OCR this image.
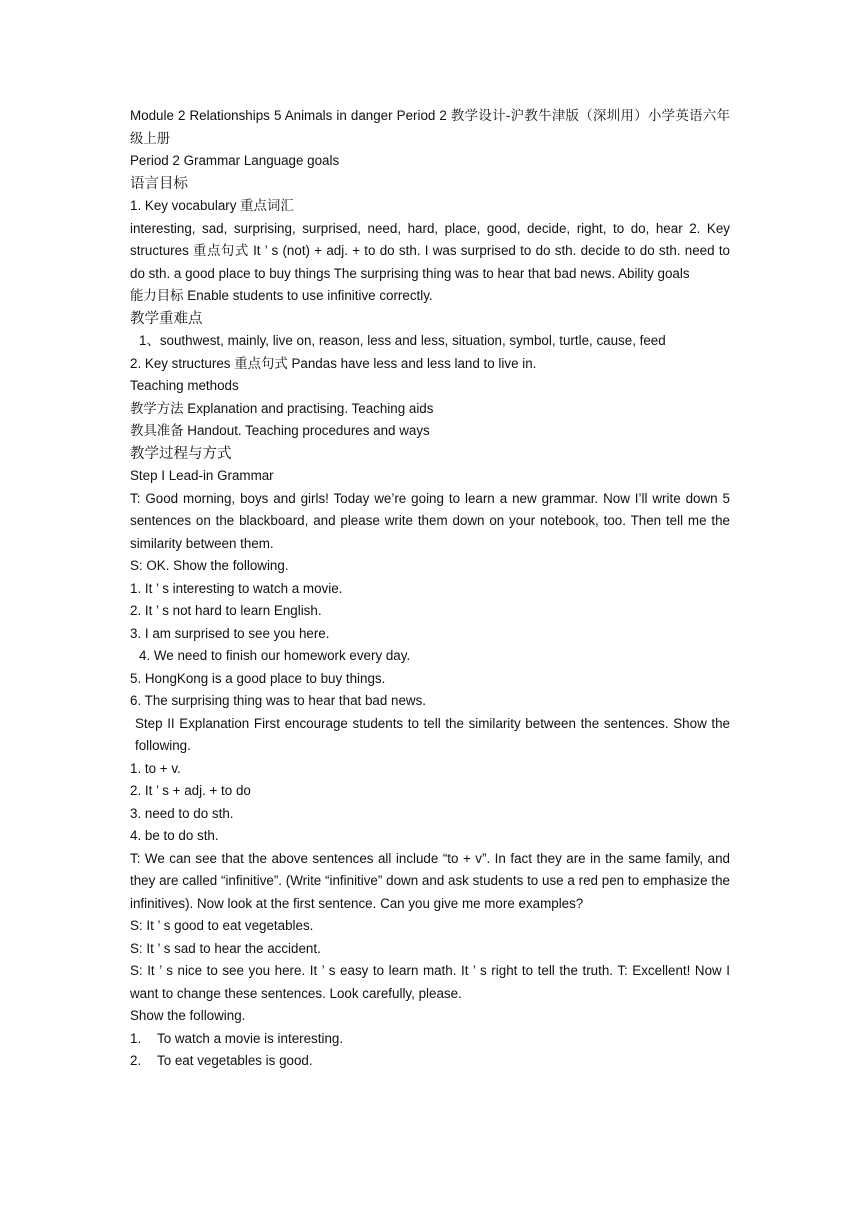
Module 2 Relationships 5 Animals in danger Period 2 教学设计-沪教牛津版（深圳用）小学英语六年级上册
Period 2 Grammar Language goals
语言目标
1. Key vocabulary 重点词汇
interesting, sad, surprising, surprised, need, hard, place, good, decide, right, to do, hear 2. Key structures 重点句式 It ’ s (not) + adj. + to do sth. I was surprised to do sth. decide to do sth. need to do sth. a good place to buy things The surprising thing was to hear that bad news. Ability goals
能力目标 Enable students to use infinitive correctly.
教学重难点
1、southwest, mainly, live on, reason, less and less, situation, symbol, turtle, cause, feed
2. Key structures 重点句式 Pandas have less and less land to live in.
Teaching methods
教学方法 Explanation and practising. Teaching aids
教具准备 Handout. Teaching procedures and ways
教学过程与方式
Step I Lead-in Grammar
T: Good morning, boys and girls! Today we’re going to learn a new grammar. Now I’ll write down 5 sentences on the blackboard, and please write them down on your notebook, too. Then tell me the similarity between them.
S: OK. Show the following.
1. It ’ s interesting to watch a movie.
2. It ’ s not hard to learn English.
3. I am surprised to see you here.
4. We need to finish our homework every day.
5. HongKong is a good place to buy things.
6. The surprising thing was to hear that bad news.
Step II Explanation First encourage students to tell the similarity between the sentences. Show the following.
1. to + v.
2. It ’ s + adj. + to do
3. need to do sth.
4. be to do sth.
T: We can see that the above sentences all include “to + v”. In fact they are in the same family, and they are called “infinitive”. (Write “infinitive” down and ask students to use a red pen to emphasize the infinitives). Now look at the first sentence. Can you give me more examples?
S: It ’ s good to eat vegetables.
S: It ’ s sad to hear the accident.
S: It ’ s nice to see you here. It ’ s easy to learn math. It ’ s right to tell the truth. T: Excellent! Now I want to change these sentences. Look carefully, please.
Show the following.
1. To watch a movie is interesting.
2. To eat vegetables is good.
